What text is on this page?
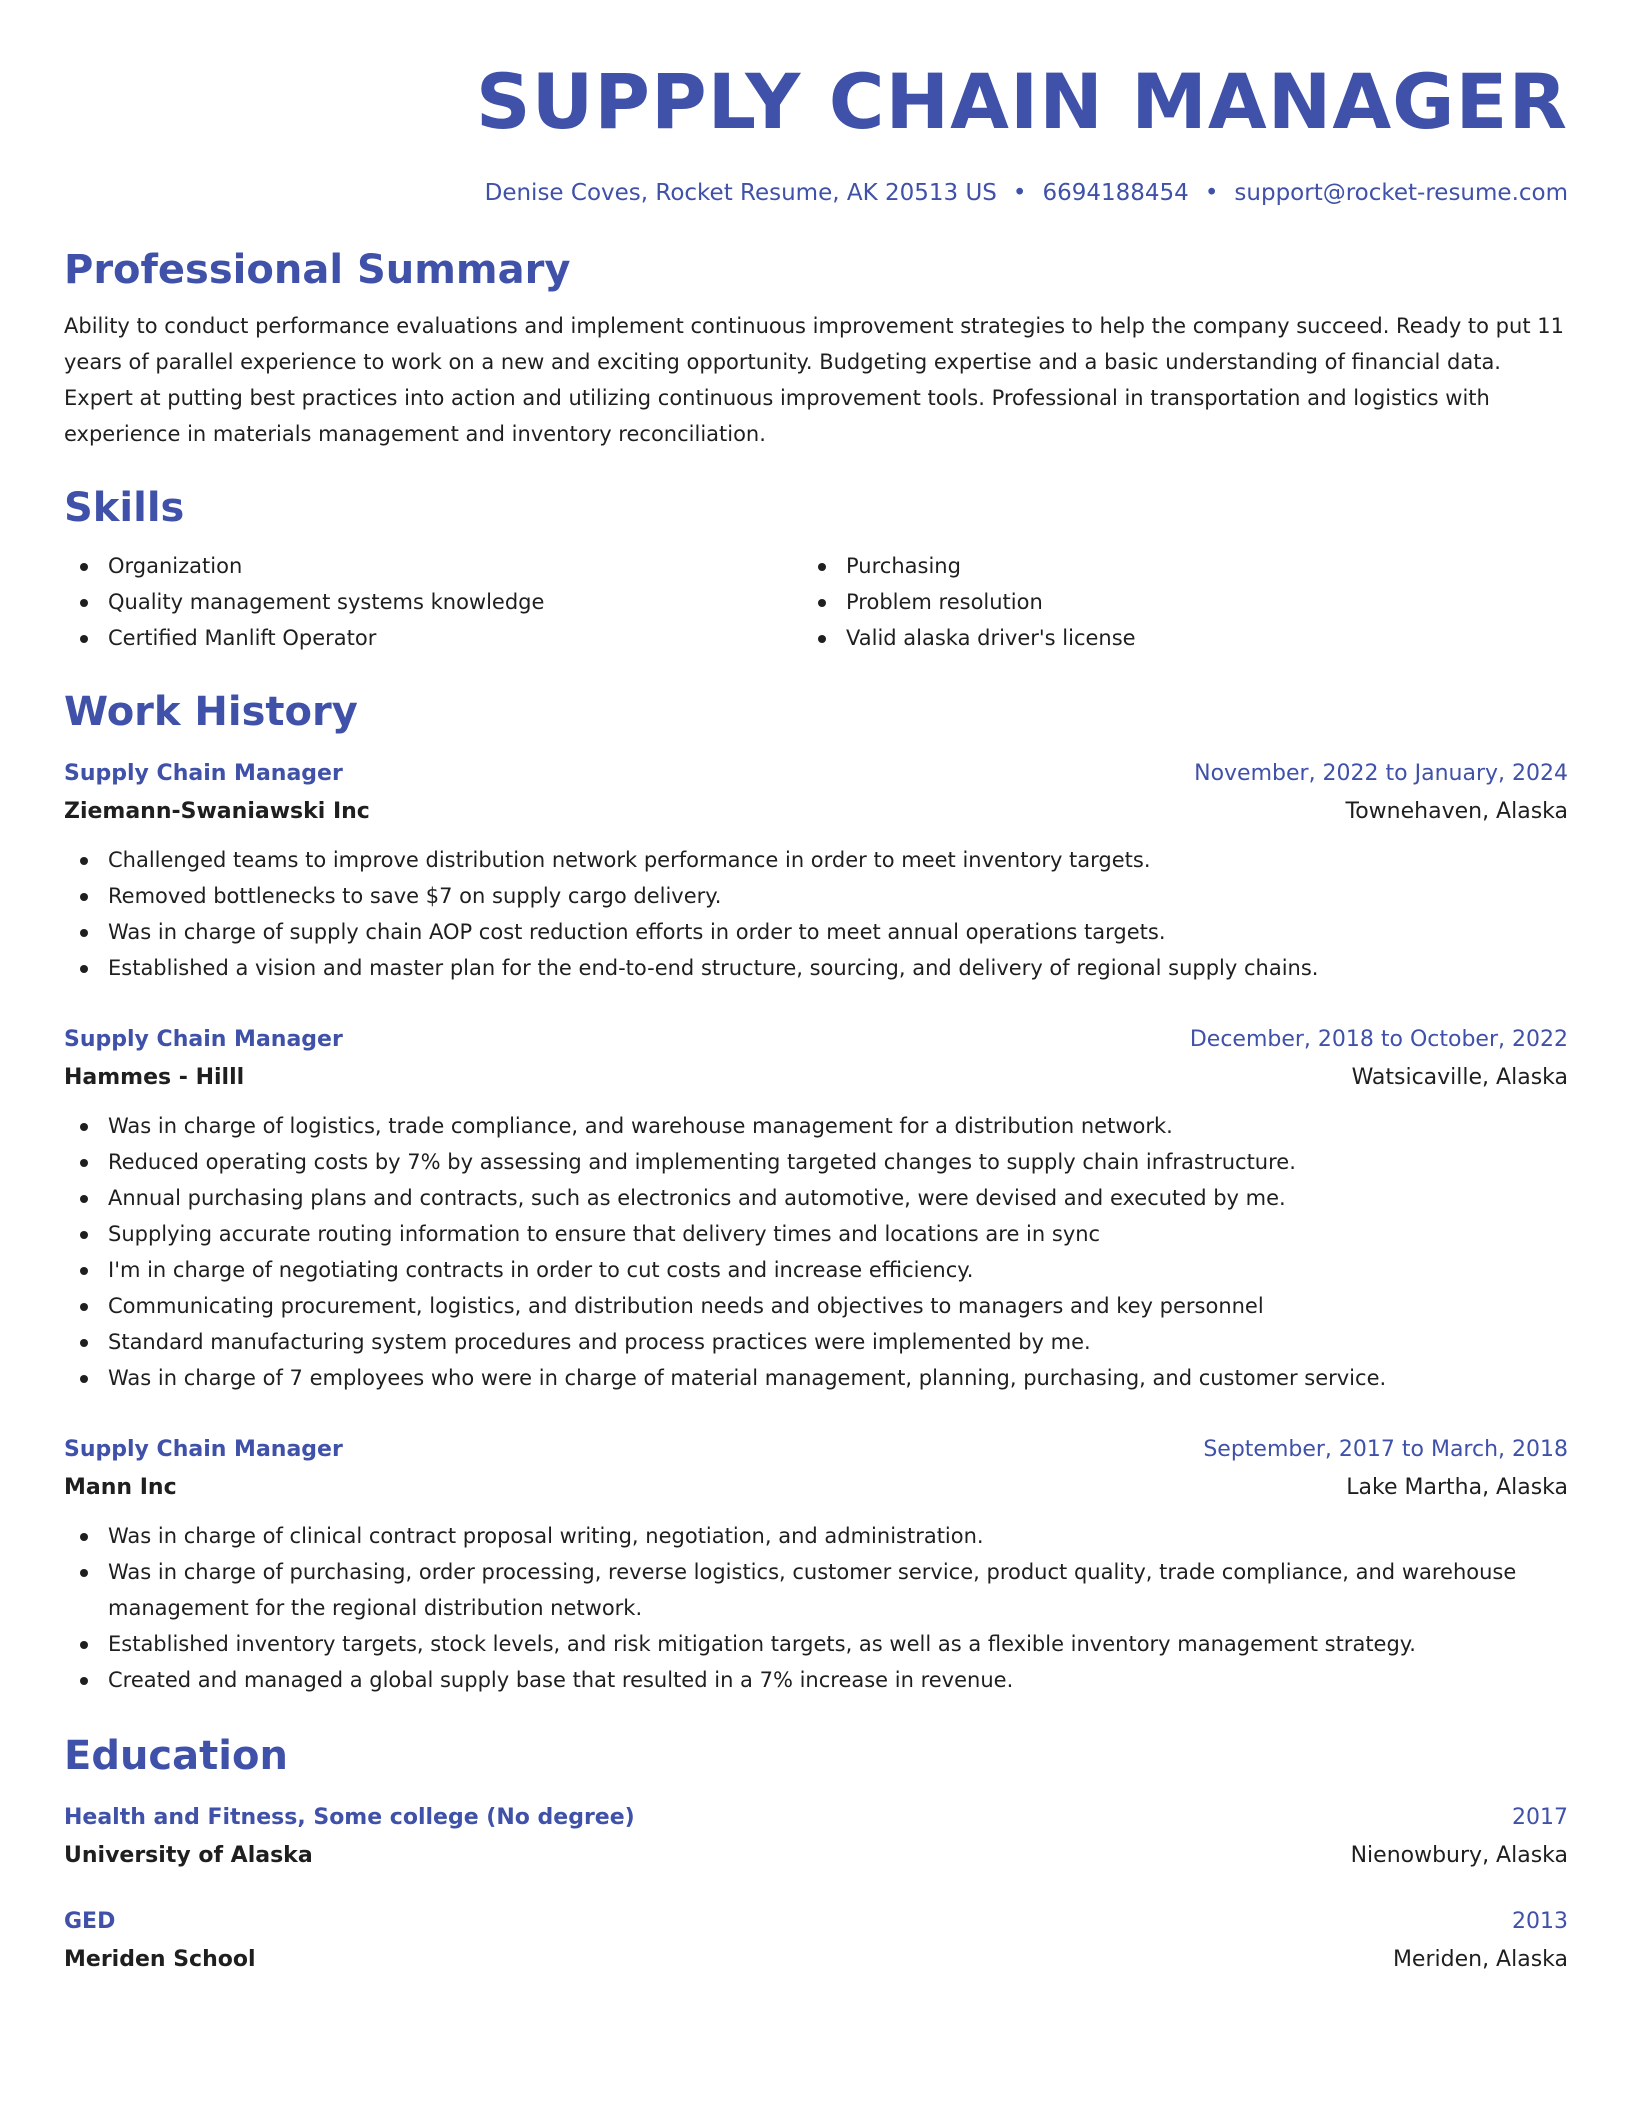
SUPPLY CHAIN MANAGER
Denise Coves, Rocket Resume, AK 20513 US • 6694188454 • support@rocket-resume.com
Professional Summary
Ability to conduct performance evaluations and implement continuous improvement strategies to help the company succeed. Ready to put 11 years of parallel experience to work on a new and exciting opportunity. Budgeting expertise and a basic understanding of financial data. Expert at putting best practices into action and utilizing continuous improvement tools. Professional in transportation and logistics with experience in materials management and inventory reconciliation.
Skills
Organization
Quality management systems knowledge
Certified Manlift Operator
Purchasing
Problem resolution
Valid alaska driver's license
Work History
Supply Chain Manager	November, 2022 to January, 2024
Ziemann-Swaniawski Inc	Townehaven, Alaska
Challenged teams to improve distribution network performance in order to meet inventory targets.
Removed bottlenecks to save $7 on supply cargo delivery.
Was in charge of supply chain AOP cost reduction efforts in order to meet annual operations targets.
Established a vision and master plan for the end-to-end structure, sourcing, and delivery of regional supply chains.
Supply Chain Manager	December, 2018 to October, 2022
Hammes - Hilll	Watsicaville, Alaska
Was in charge of logistics, trade compliance, and warehouse management for a distribution network.
Reduced operating costs by 7% by assessing and implementing targeted changes to supply chain infrastructure.
Annual purchasing plans and contracts, such as electronics and automotive, were devised and executed by me.
Supplying accurate routing information to ensure that delivery times and locations are in sync
I'm in charge of negotiating contracts in order to cut costs and increase efficiency.
Communicating procurement, logistics, and distribution needs and objectives to managers and key personnel
Standard manufacturing system procedures and process practices were implemented by me.
Was in charge of 7 employees who were in charge of material management, planning, purchasing, and customer service.
Supply Chain Manager	September, 2017 to March, 2018
Mann Inc	Lake Martha, Alaska
Was in charge of clinical contract proposal writing, negotiation, and administration.
Was in charge of purchasing, order processing, reverse logistics, customer service, product quality, trade compliance, and warehouse management for the regional distribution network.
Established inventory targets, stock levels, and risk mitigation targets, as well as a flexible inventory management strategy.
Created and managed a global supply base that resulted in a 7% increase in revenue.
Education
Health and Fitness, Some college (No degree)	2017
University of Alaska	Nienowbury, Alaska
GED	2013
Meriden School	Meriden, Alaska
